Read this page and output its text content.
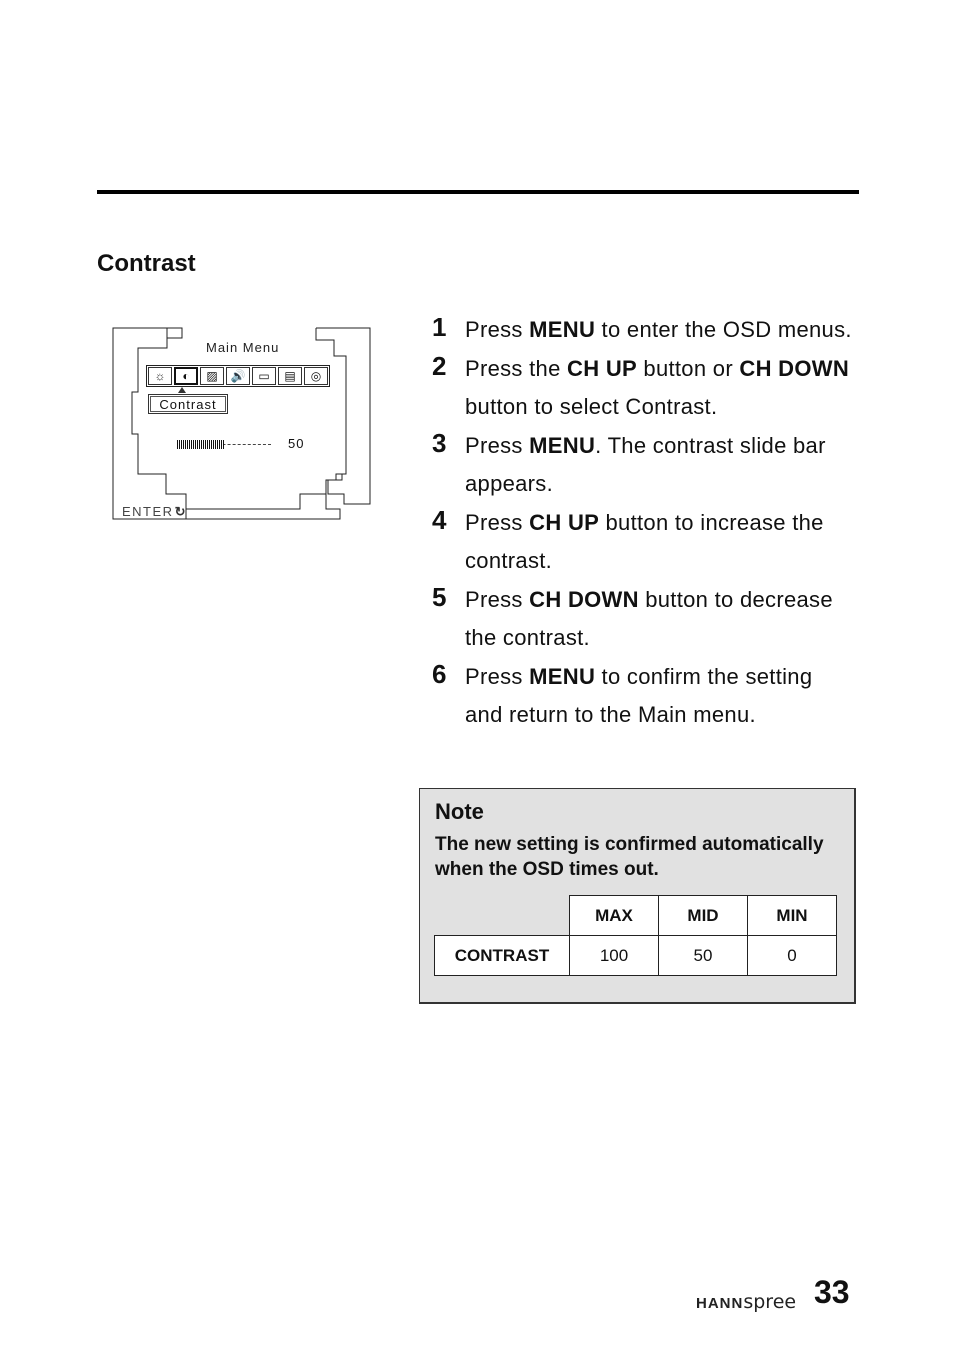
Contrast
Main Menu
☼	◐	▨	🔊	▭	▤	◎
Contrast
50
ENTER↻
1 Press MENU to enter the OSD menus.
2 Press the CH UP button or CH DOWN button to select Contrast.
3 Press MENU. The contrast slide bar appears.
4 Press CH UP button to increase the contrast.
5 Press CH DOWN button to decrease the contrast.
6 Press MENU to confirm the setting and return to the Main menu.
Note
The new setting is confirmed automatically when the OSD times out.
	MAX	MID	MIN
CONTRAST	100	50	0
HANNspree 33
